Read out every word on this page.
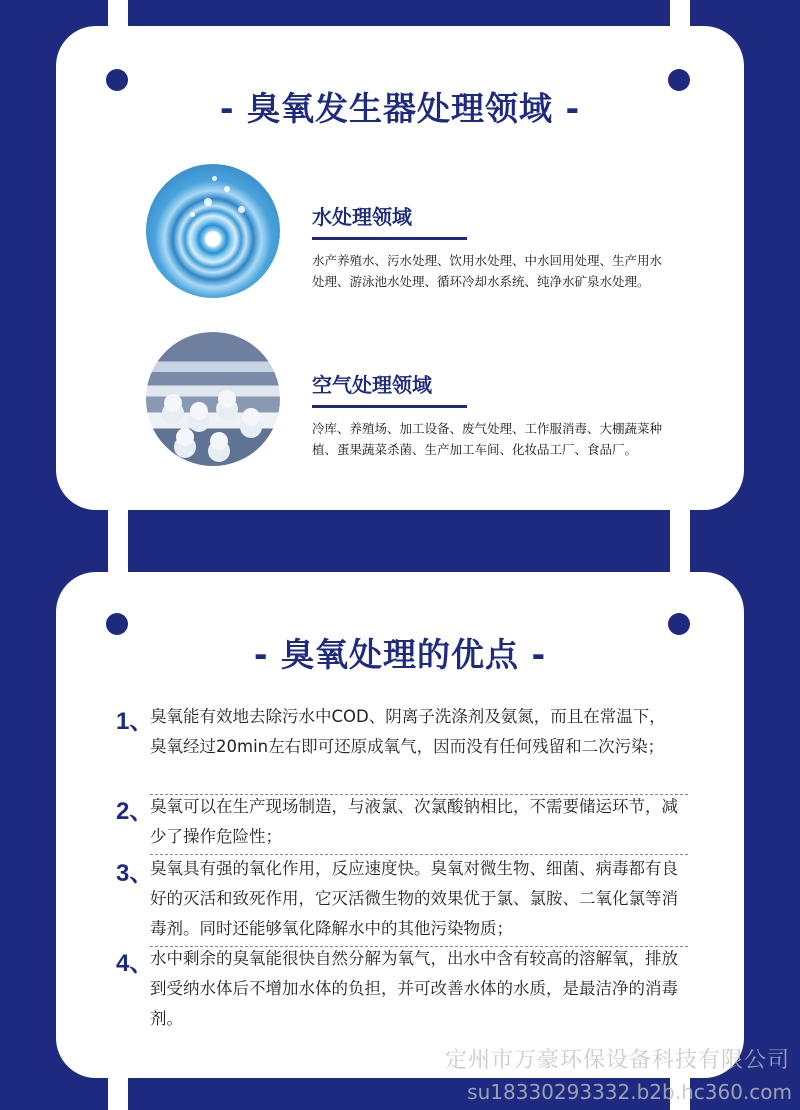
- 臭氧发生器处理领域 -
水处理领域
水产养殖水、污水处理、饮用水处理、中水回用处理、生产用水处理、游泳池水处理、循环冷却水系统、纯净水矿泉水处理。
空气处理领域
冷库、养殖场、加工设备、废气处理、工作服消毒、大棚蔬菜种植、蛋果蔬菜杀菌、生产加工车间、化妆品工厂、食品厂。
- 臭氧处理的优点 -
1、
臭氧能有效地去除污水中COD、阴离子洗涤剂及氨氮，而且在常温下，臭氧经过20min左右即可还原成氧气，因而没有任何残留和二次污染；
2、
臭氧可以在生产现场制造，与液氯、次氯酸钠相比，不需要储运环节，减少了操作危险性；
3、
臭氧具有强的氧化作用，反应速度快。臭氧对微生物、细菌、病毒都有良好的灭活和致死作用，它灭活微生物的效果优于氯、氯胺、二氧化氯等消毒剂。同时还能够氧化降解水中的其他污染物质；
4、
水中剩余的臭氧能很快自然分解为氧气，出水中含有较高的溶解氧，排放到受纳水体后不增加水体的负担，并可改善水体的水质，是最洁净的消毒剂。
定州市万豪环保设备科技有限公司
su18330293332.b2b.hc360.com
